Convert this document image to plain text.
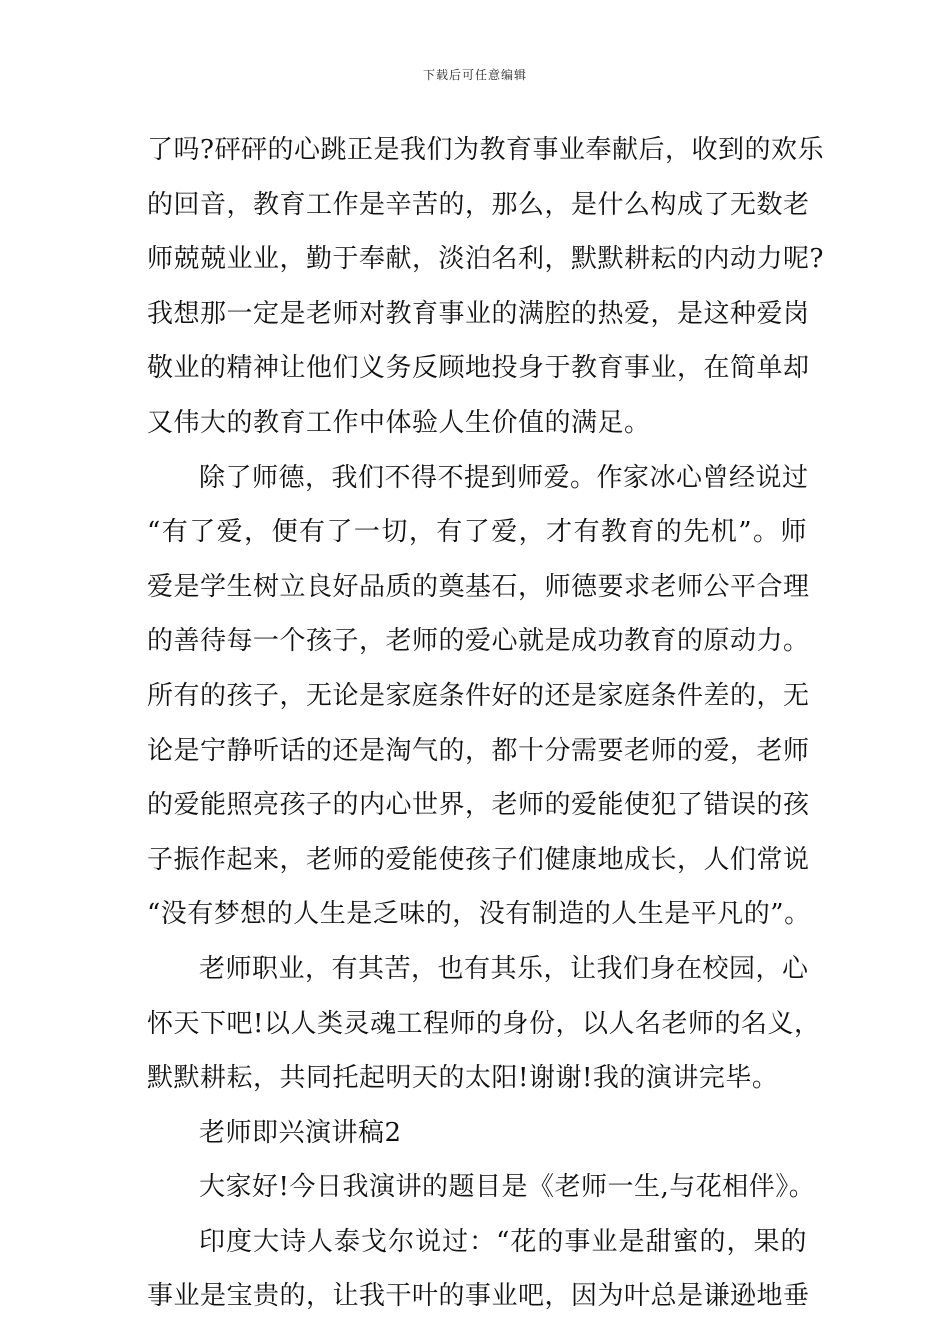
下载后可任意编辑
了吗?砰砰的心跳正是我们为教育事业奉献后，收到的欢乐
的回音，教育工作是辛苦的，那么，是什么构成了无数老
师兢兢业业，勤于奉献，淡泊名利，默默耕耘的内动力呢?
我想那一定是老师对教育事业的满腔的热爱，是这种爱岗
敬业的精神让他们义务反顾地投身于教育事业，在简单却
又伟大的教育工作中体验人生价值的满足。
除了师德，我们不得不提到师爱。作家冰心曾经说过
“有了爱，便有了一切，有了爱，才有教育的先机”。师
爱是学生树立良好品质的奠基石，师德要求老师公平合理
的善待每一个孩子，老师的爱心就是成功教育的原动力。
所有的孩子，无论是家庭条件好的还是家庭条件差的，无
论是宁静听话的还是淘气的，都十分需要老师的爱，老师
的爱能照亮孩子的内心世界，老师的爱能使犯了错误的孩
子振作起来，老师的爱能使孩子们健康地成长，人们常说
“没有梦想的人生是乏味的，没有制造的人生是平凡的”。
老师职业，有其苦，也有其乐，让我们身在校园，心
怀天下吧!以人类灵魂工程师的身份，以人名老师的名义，
默默耕耘，共同托起明天的太阳!谢谢!我的演讲完毕。
老师即兴演讲稿2
大家好!今日我演讲的题目是《老师一生,与花相伴》。
印度大诗人泰戈尔说过：“花的事业是甜蜜的，果的
事业是宝贵的，让我干叶的事业吧，因为叶总是谦逊地垂
